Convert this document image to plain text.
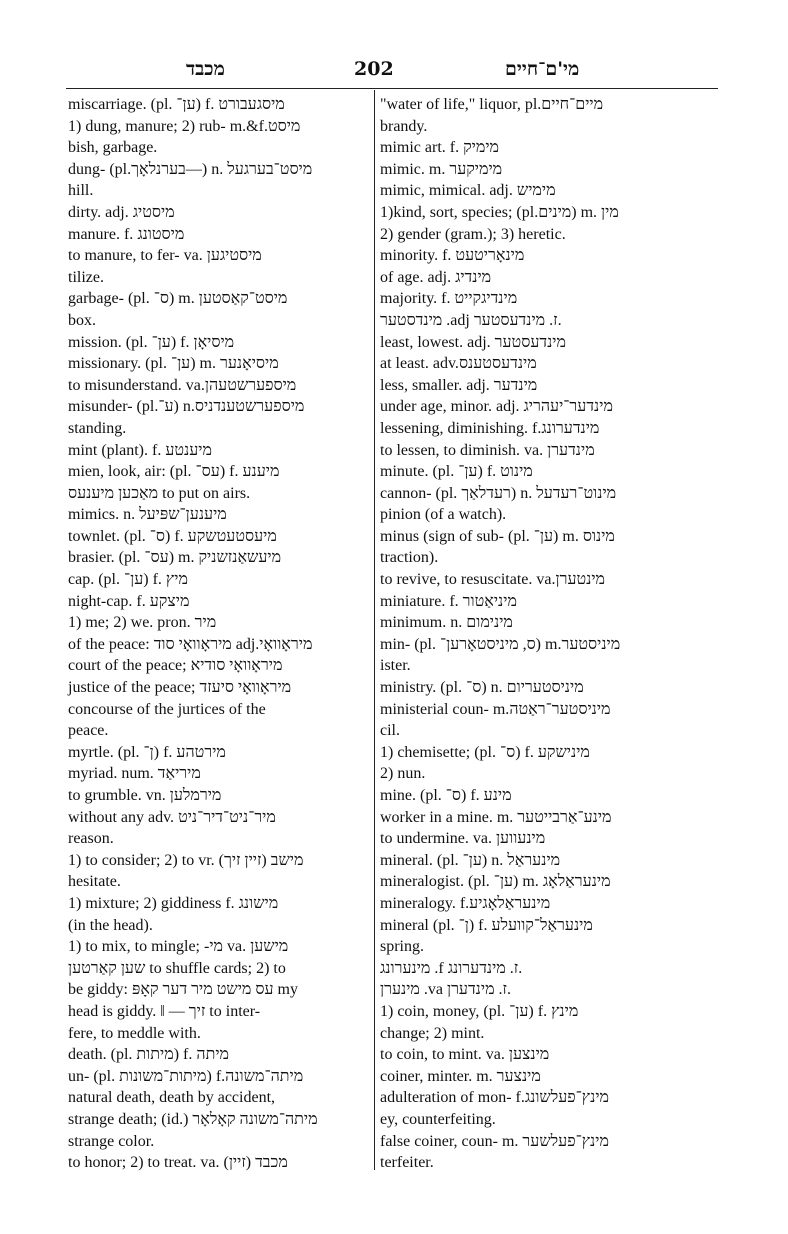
מכבד	202	מי'ם־חיים
miscarriage. (pl. ען־) f. מיסגעבורט
1) dung, manure; 2) rub- m.&f.מיסט
bish, garbage.
dung- (pl.בערנלאָך—) n. מיסט־בערגעל
hill.
dirty. adj. מיסטיג
manure. f. מיסטונג
to manure, to fer- va. מיסטיגען
tilize.
garbage- (pl. ס־) m. מיסט־קאַסטען
box.
mission. (pl. ען־) f. מיסיאָן
missionary. (pl. ען־) m. מיסיאָנער
to misunderstand. va.מיספערשטעהן
misunder- (pl.ע־) n.מיספערשטענדניס
standing.
mint (plant). f. מיענטע
mien, look, air: (pl. עס־) f. מיענע
מאַכען מיענעס to put on airs.
mimics. n. מיענען־שפּיעל
townlet. (pl. ס־) f. מיעסטעטשקע
brasier. (pl. עס־) m. מיעשאַנזשניק
cap. (pl. ען־) f. מיץ
night-cap. f. מיצקע
1) me; 2) we. pron. מיר
of the peace: מיראָוואָי סוד adj.מיראָוואָי
court of the peace; מיראָוואָי סודיא
justice of the peace; מיראָוואָי סיעזד
concourse of the jurtices of the
peace.
myrtle. (pl. ן־) f. מירטהע
myriad. num. מיריאַד
to grumble. vn. מירמלען
without any adv. מיר־ניט־דיר־ניט
reason.
1) to consider; 2) to vr. (זיין זיך) מישב
hesitate.
1) mixture; 2) giddiness f. מישונג
(in the head).
1) to mix, to mingle; -מי va. מישען
שען קאַרטען to shuffle cards; 2) to
be giddy: עס מישט מיר דער קאָפּ my
head is giddy. ‖ — זיך to inter-
fere, to meddle with.
death. (pl. מיתות) f. מיתה
un- (pl. מיתות־משונות) f.מיתה־משונה
natural death, death by accident,
strange death; (id.) מיתה־משונה קאָלאָר
strange color.
to honor; 2) to treat. va. (זיין) מכבד
"water of life," liquor, pl.מיים־חיים
brandy.
mimic art. f. מימיק
mimic. m. מימיקער
mimic, mimical. adj. מימיש
1)kind, sort, species; (pl.מינים) m. מין
2) gender (gram.); 3) heretic.
minority. f. מינאָריטעט
of age. adj. מינדיג
majority. f. מינדיגקייט
מינדסטער .adj ז. מינדעסטער.
least, lowest. adj. מינדעסטער
at least. adv.מינדעסטענס
less, smaller. adj. מינדער
under age, minor. adj. מינדער־יעהריג
lessening, diminishing. f.מינדערונג
to lessen, to diminish. va. מינדערן
minute. (pl. ען־) f. מינוט
cannon- (pl. רעדלאַך) n. מינוט־רעדעל
pinion (of a watch).
minus (sign of sub- (pl. ען־) m. מינוס
traction).
to revive, to resuscitate. va.מינטערן
miniature. f. מיניאַטור
minimum. n. מינימום
min- (pl. ס, מיניסטאָרען־) m.מיניסטער
ister.
ministry. (pl. ס־) n. מיניסטעריום
ministerial coun- m.מיניסטער־ראַטה
cil.
1) chemisette; (pl. ס־) f. מינישקע
2) nun.
mine. (pl. ס־) f. מינע
worker in a mine. m. מינע־אַרבייטער
to undermine. va. מינעווען
mineral. (pl. ען־) n. מינעראַל
mineralogist. (pl. ען־) m. מינעראַלאָג
mineralogy. f.מינעראַלאָגיע
mineral (pl. ן־) f. מינעראַל־קוועלע
spring.
מינערונג .f ז. מינדערונג.
מינערן .va ז. מינדערן.
1) coin, money, (pl. ען־) f. מינץ
change; 2) mint.
to coin, to mint. va. מינצען
coiner, minter. m. מינצער
adulteration of mon- f.מינץ־פעלשונג
ey, counterfeiting.
false coiner, coun- m. מינץ־פעלשער
terfeiter.
